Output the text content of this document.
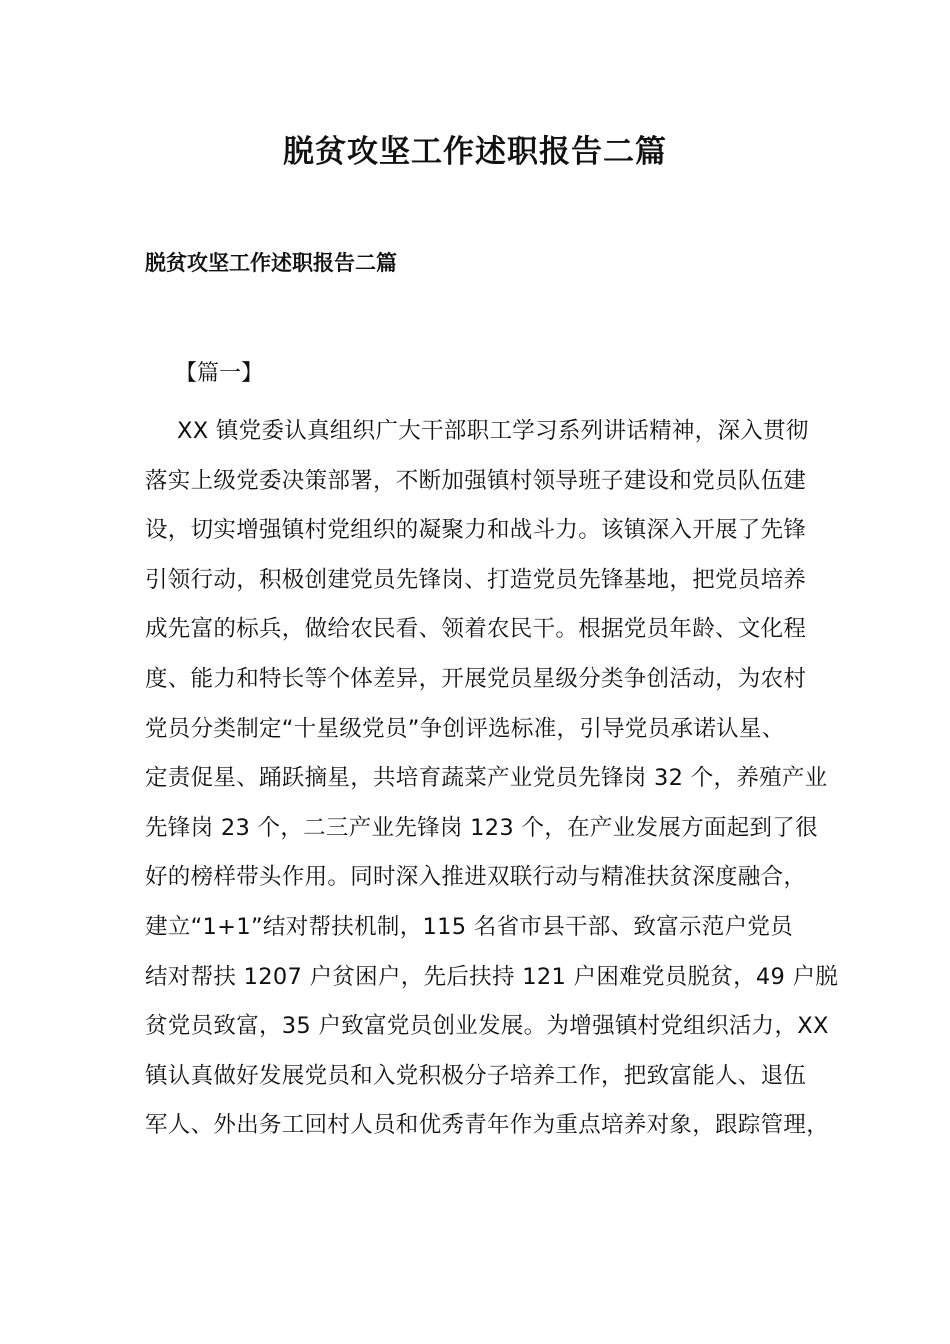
脱贫攻坚工作述职报告二篇
脱贫攻坚工作述职报告二篇

【篇一】

XX 镇党委认真组织广大干部职工学习系列讲话精神，深入贯彻
落实上级党委决策部署，不断加强镇村领导班子建设和党员队伍建
设，切实增强镇村党组织的凝聚力和战斗力。该镇深入开展了先锋
引领行动，积极创建党员先锋岗、打造党员先锋基地，把党员培养
成先富的标兵，做给农民看、领着农民干。根据党员年龄、文化程
度、能力和特长等个体差异，开展党员星级分类争创活动，为农村
党员分类制定“十星级党员”争创评选标准，引导党员承诺认星、
定责促星、踊跃摘星，共培育蔬菜产业党员先锋岗 32 个，养殖产业
先锋岗 23 个，二三产业先锋岗 123 个，在产业发展方面起到了很
好的榜样带头作用。同时深入推进双联行动与精准扶贫深度融合，
建立“1+1”结对帮扶机制，115 名省市县干部、致富示范户党员
结对帮扶 1207 户贫困户，先后扶持 121 户困难党员脱贫，49 户脱
贫党员致富，35 户致富党员创业发展。为增强镇村党组织活力，XX
镇认真做好发展党员和入党积极分子培养工作，把致富能人、退伍
军人、外出务工回村人员和优秀青年作为重点培养对象，跟踪管理，
